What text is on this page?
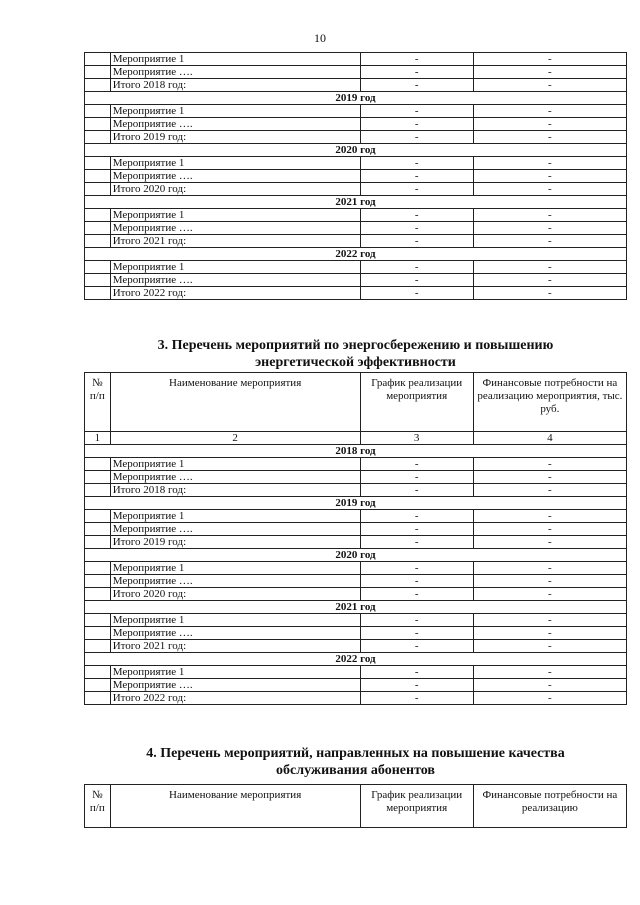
10
	Мероприятие 1	-	-
	Мероприятие ….	-	-
	Итого 2018 год:	-	-
2019 год			
	Мероприятие 1	-	-
	Мероприятие ….	-	-
	Итого 2019 год:	-	-
2020 год			
	Мероприятие 1	-	-
	Мероприятие ….	-	-
	Итого 2020 год:	-	-
2021 год			
	Мероприятие 1	-	-
	Мероприятие ….	-	-
	Итого 2021 год:	-	-
2022 год			
	Мероприятие 1	-	-
	Мероприятие ….	-	-
	Итого 2022 год:	-	-
3. Перечень мероприятий по энергосбережению и повышению
энергетической эффективности
№ п/п	Наименование мероприятия	График реализации мероприятия	Финансовые потребности на реализацию мероприятия, тыс. руб.
1	2	3	4
2018 год			
	Мероприятие 1	-	-
	Мероприятие ….	-	-
	Итого 2018 год:	-	-
2019 год			
	Мероприятие 1	-	-
	Мероприятие ….	-	-
	Итого 2019 год:	-	-
2020 год			
	Мероприятие 1	-	-
	Мероприятие ….	-	-
	Итого 2020 год:	-	-
2021 год			
	Мероприятие 1	-	-
	Мероприятие ….	-	-
	Итого 2021 год:	-	-
2022 год			
	Мероприятие 1	-	-
	Мероприятие ….	-	-
	Итого 2022 год:	-	-
4. Перечень мероприятий, направленных на повышение качества
обслуживания абонентов
№ п/п	Наименование мероприятия	График реализации мероприятия	Финансовые потребности на реализацию
